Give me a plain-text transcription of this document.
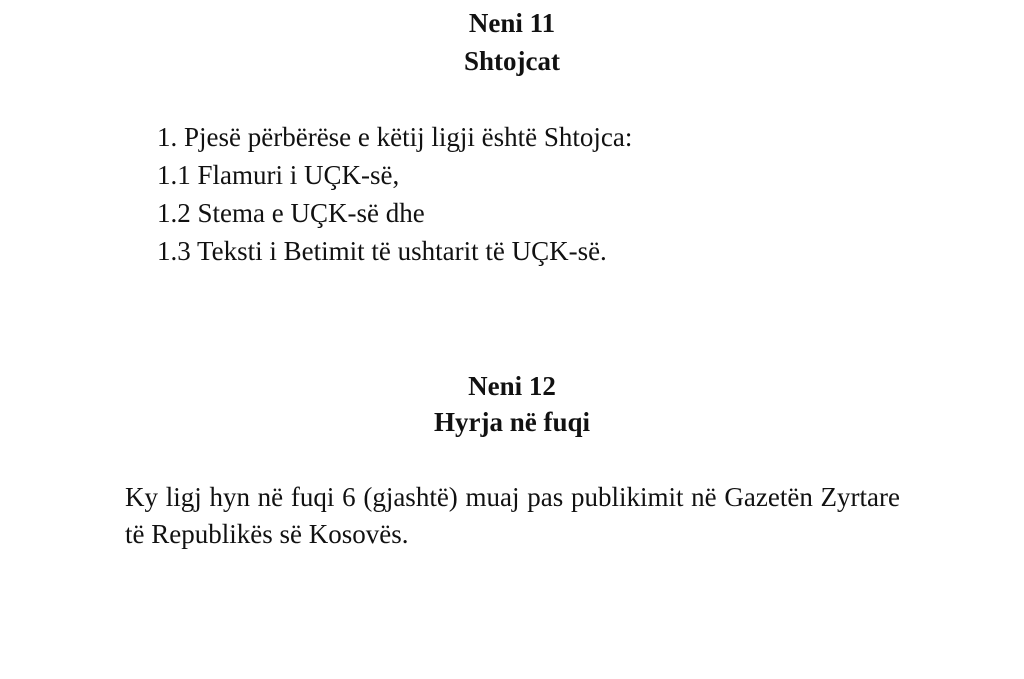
Neni 11
Shtojcat
1. Pjesë përbërëse e këtij ligji është Shtojca:
1.1 Flamuri i UÇK-së,
1.2 Stema e UÇK-së dhe
1.3 Teksti i Betimit të ushtarit të UÇK-së.
Neni 12
Hyrja në fuqi

Ky ligj hyn në fuqi 6 (gjashtë) muaj pas publikimit në Gazetën Zyrtare të Republikës së Kosovës.
